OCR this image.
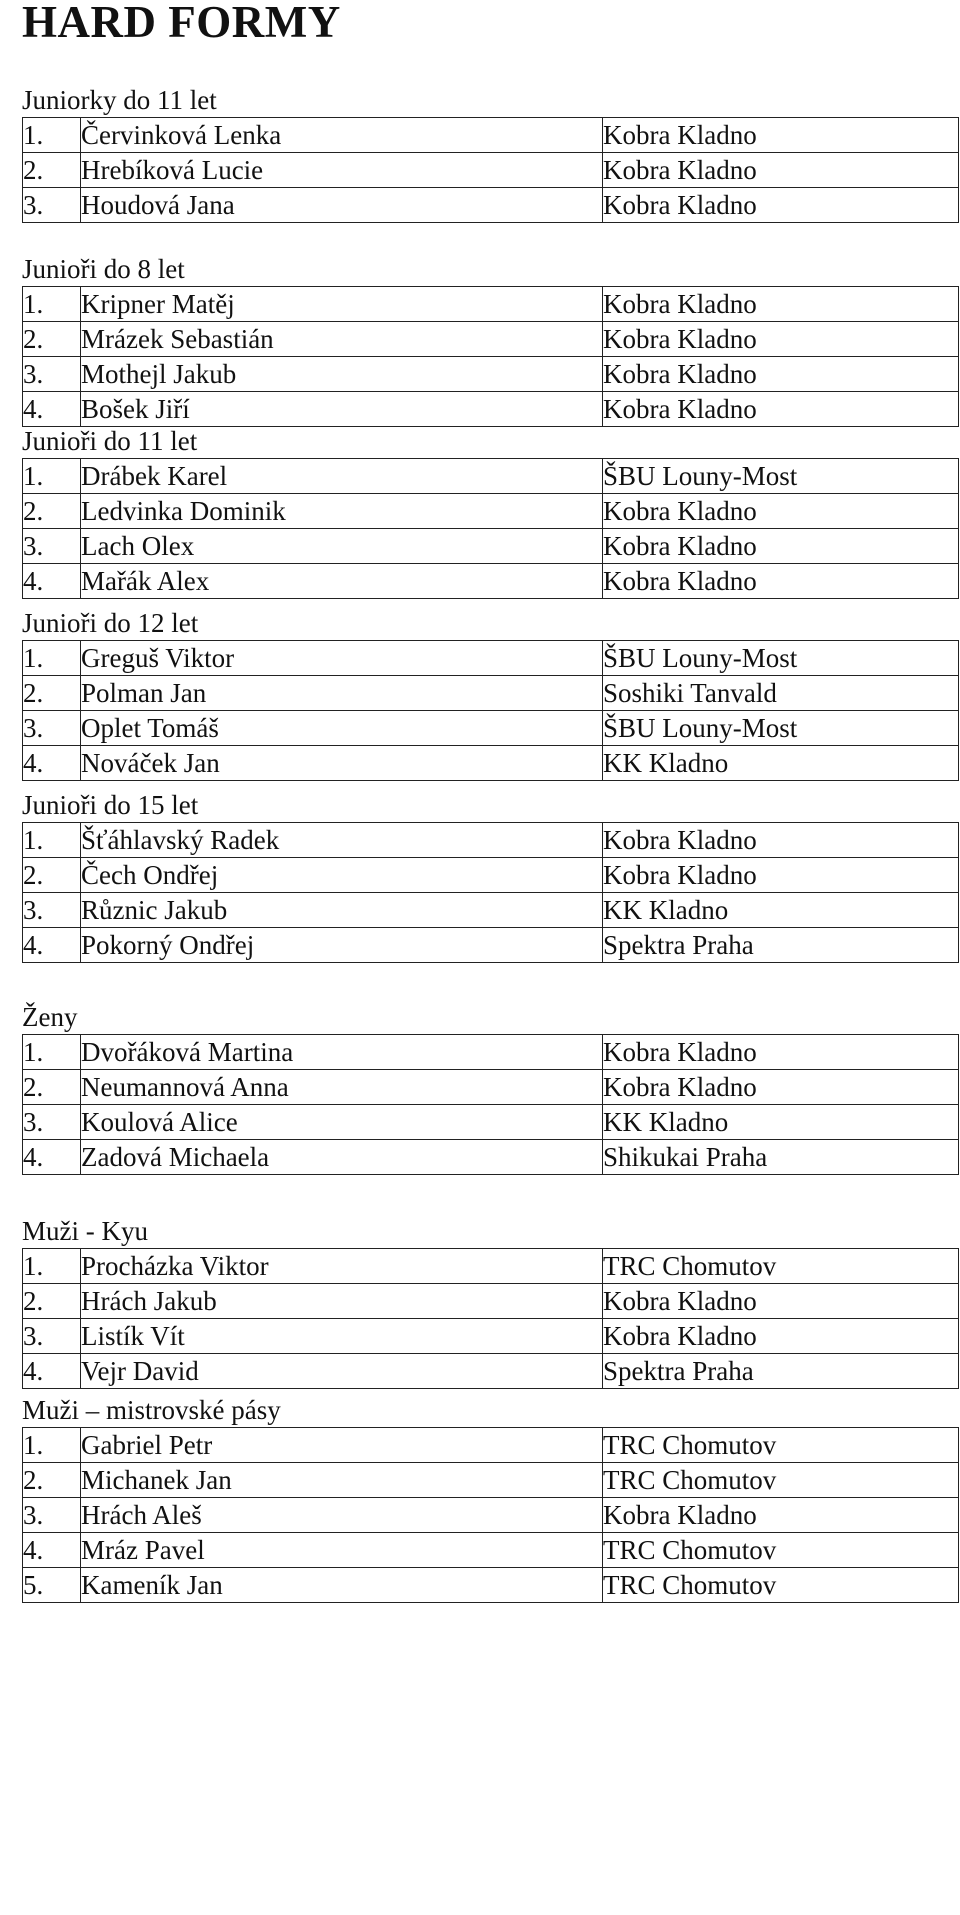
HARD FORMY
Juniorky do 11 let
1.	Červinková Lenka	Kobra Kladno
2.	Hrebíková Lucie	Kobra Kladno
3.	Houdová Jana	Kobra Kladno
Junioři do 8 let
1.	Kripner Matěj	Kobra Kladno
2.	Mrázek Sebastián	Kobra Kladno
3.	Mothejl Jakub	Kobra Kladno
4.	Bošek Jiří	Kobra Kladno
Junioři do 11 let
1.	Drábek Karel	ŠBU Louny-Most
2.	Ledvinka Dominik	Kobra Kladno
3.	Lach Olex	Kobra Kladno
4.	Mařák Alex	Kobra Kladno
Junioři do 12 let
1.	Greguš Viktor	ŠBU Louny-Most
2.	Polman Jan	Soshiki Tanvald
3.	Oplet Tomáš	ŠBU Louny-Most
4.	Nováček Jan	KK Kladno
Junioři do 15 let
1.	Šťáhlavský Radek	Kobra Kladno
2.	Čech Ondřej	Kobra Kladno
3.	Různic Jakub	KK Kladno
4.	Pokorný Ondřej	Spektra Praha
Ženy
1.	Dvořáková Martina	Kobra Kladno
2.	Neumannová Anna	Kobra Kladno
3.	Koulová Alice	KK Kladno
4.	Zadová Michaela	Shikukai Praha
Muži - Kyu
1.	Procházka Viktor	TRC Chomutov
2.	Hrách Jakub	Kobra Kladno
3.	Listík Vít	Kobra Kladno
4.	Vejr David	Spektra Praha
Muži – mistrovské pásy
1.	Gabriel Petr	TRC Chomutov
2.	Michanek Jan	TRC Chomutov
3.	Hrách Aleš	Kobra Kladno
4.	Mráz Pavel	TRC Chomutov
5.	Kameník Jan	TRC Chomutov
